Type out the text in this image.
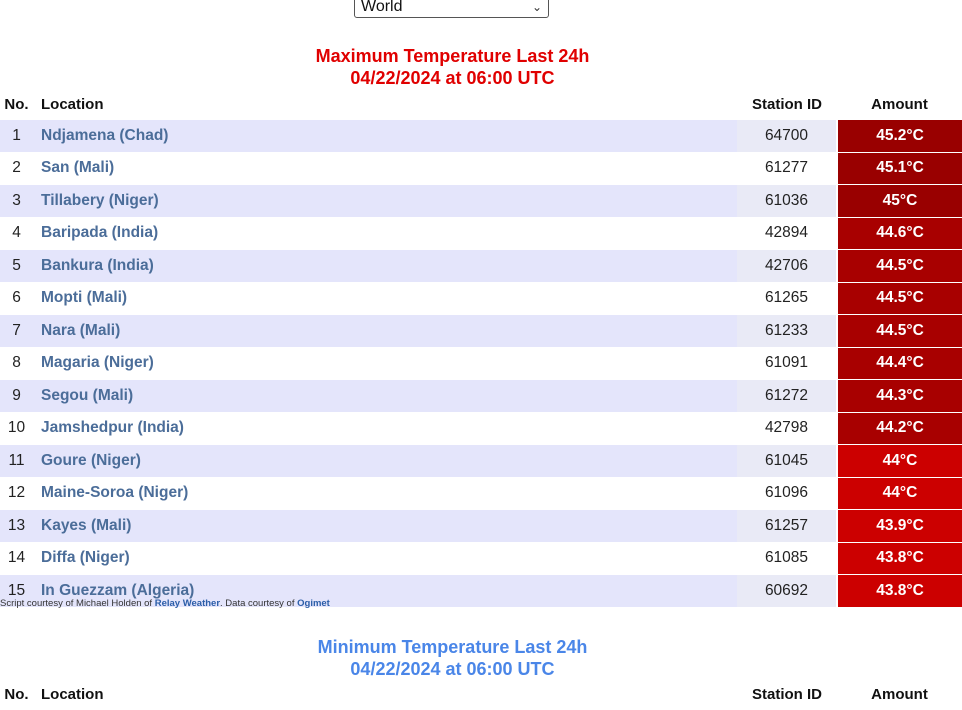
World	⌄
Maximum Temperature Last 24h
04/22/2024 at 06:00 UTC
No.	Location	Station ID	Amount
1	Ndjamena (Chad)	64700	45.2°C
2	San (Mali)	61277	45.1°C
3	Tillabery (Niger)	61036	45°C
4	Baripada (India)	42894	44.6°C
5	Bankura (India)	42706	44.5°C
6	Mopti (Mali)	61265	44.5°C
7	Nara (Mali)	61233	44.5°C
8	Magaria (Niger)	61091	44.4°C
9	Segou (Mali)	61272	44.3°C
10	Jamshedpur (India)	42798	44.2°C
11	Goure (Niger)	61045	44°C
12	Maine-Soroa (Niger)	61096	44°C
13	Kayes (Mali)	61257	43.9°C
14	Diffa (Niger)	61085	43.8°C
15	In Guezzam (Algeria)	60692	43.8°C
Script courtesy of Michael Holden of Relay Weather. Data courtesy of Ogimet
Minimum Temperature Last 24h
04/22/2024 at 06:00 UTC
No.	Location	Station ID	Amount
